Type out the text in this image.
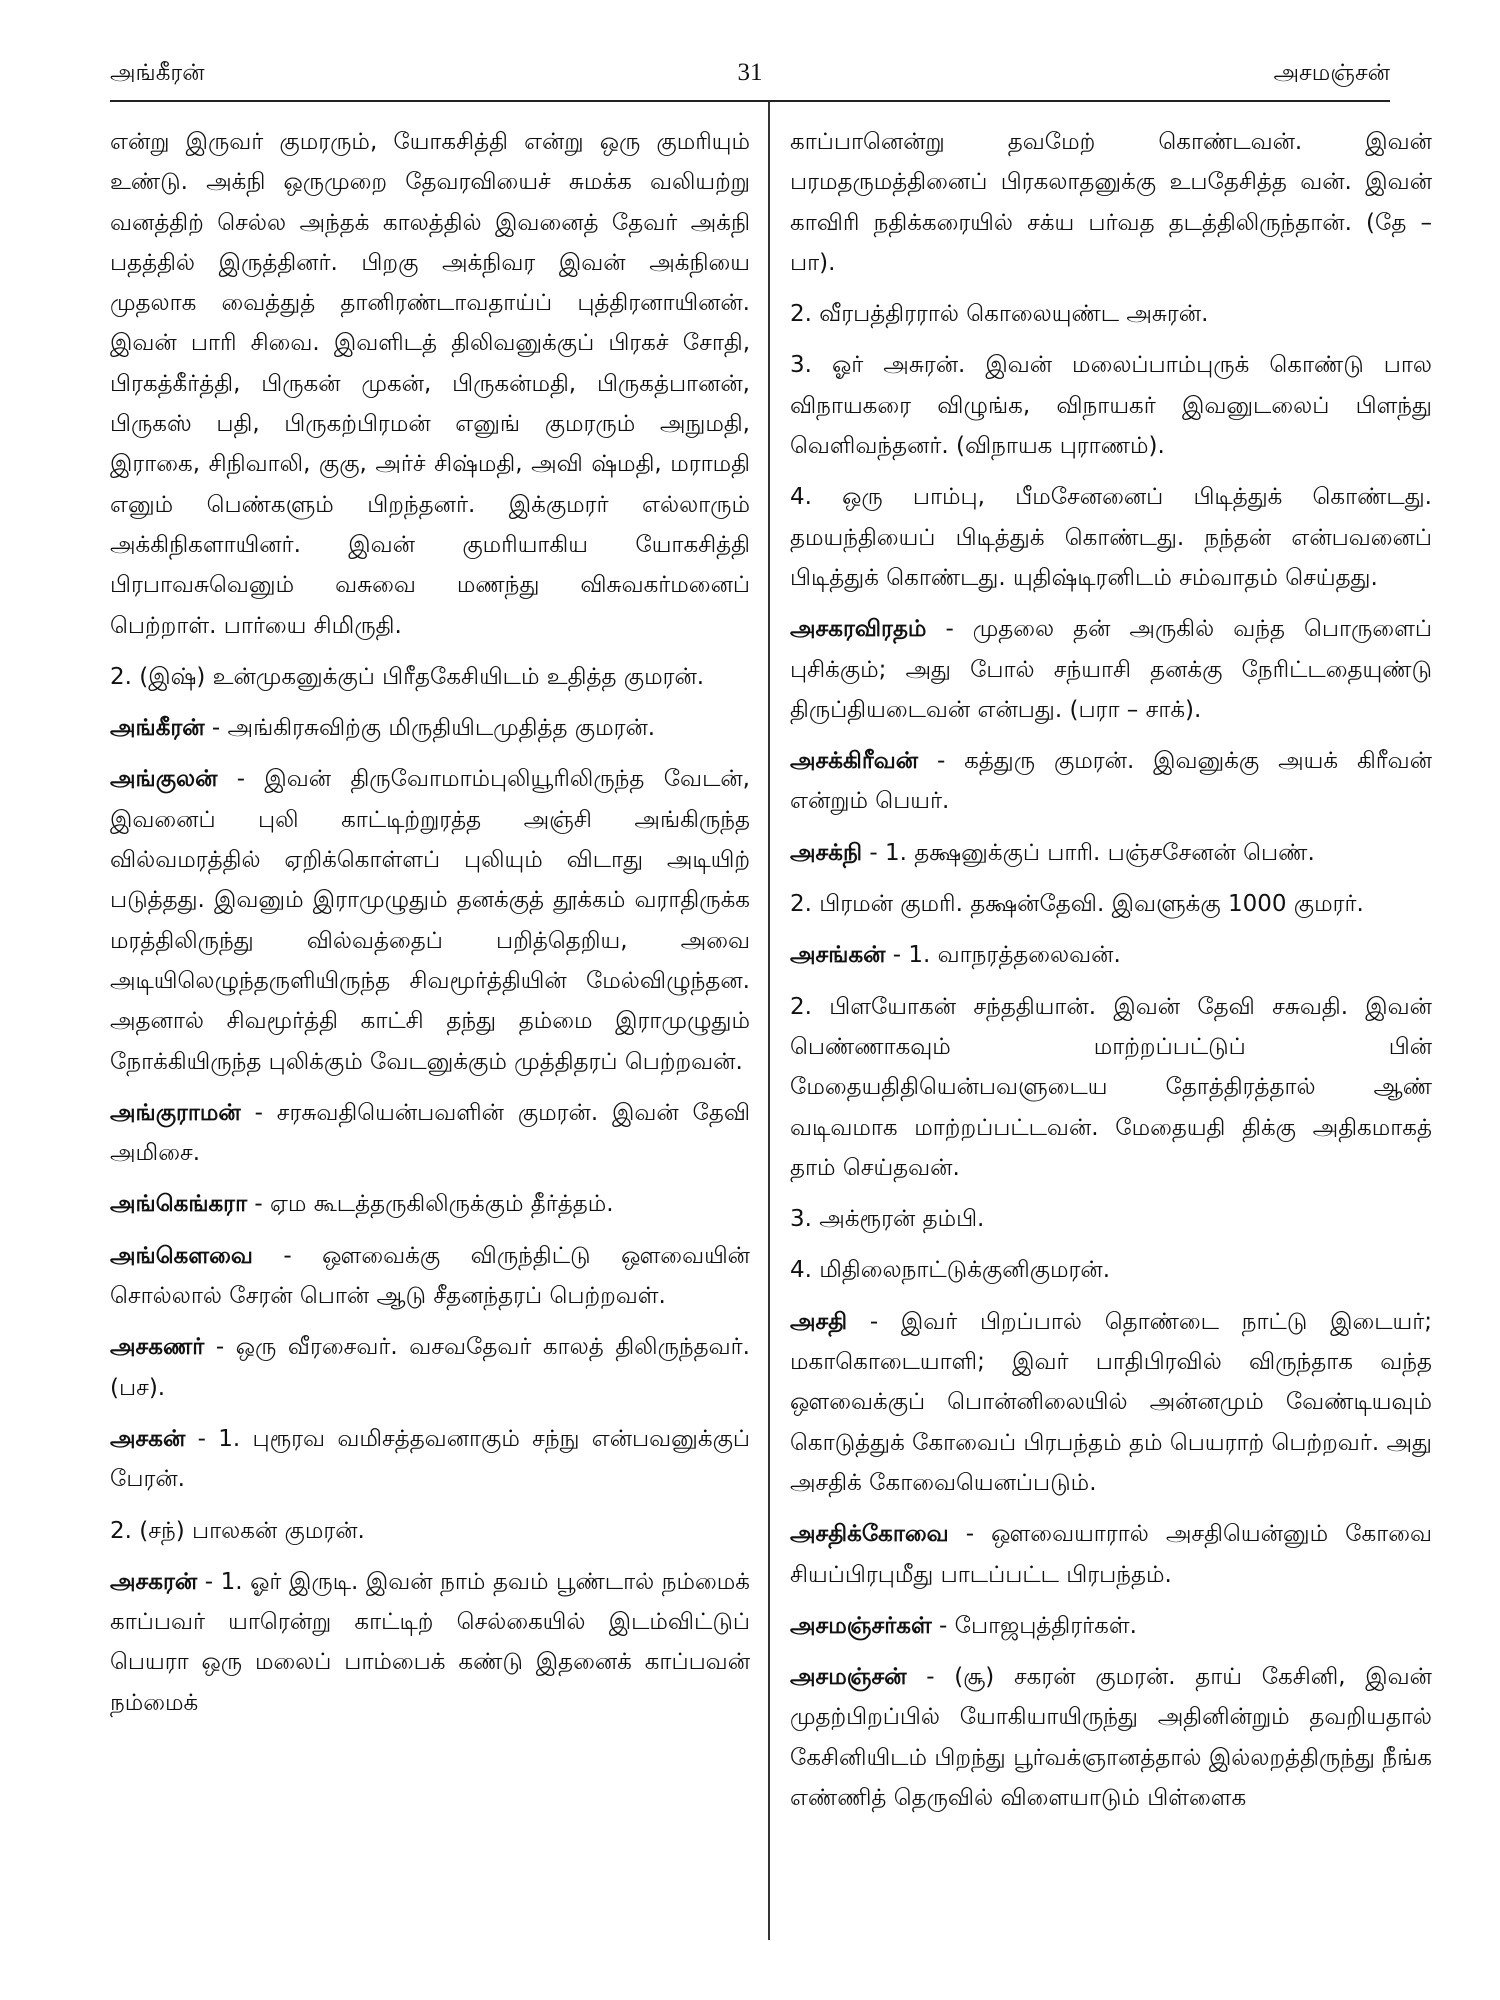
அங்கீரன்	31	அசமஞ்சன்

என்று இருவர் குமரரும், யோகசித்தி என்று ஒரு குமரியும் உண்டு. அக்நி ஒருமுறை தேவரவியைச் சுமக்க வலியற்று வனத்திற் செல்ல அந்தக் காலத்தில் இவனைத் தேவர் அக்நி பதத்தில் இருத்தினர். பிறகு அக்நிவர இவன் அக்நியை முதலாக வைத்துத் தானிரண்டாவதாய்ப் புத்திரனாயினன். இவன் பாரி சிவை. இவளிடத் திலிவனுக்குப் பிரகச் சோதி, பிரகத்கீர்த்தி, பிருகன் முகன், பிருகன்மதி, பிருகத்பானன், பிருகஸ் பதி, பிருகற்பிரமன் எனுங் குமரரும் அநுமதி, இராகை, சிநிவாலி, குகு, அர்ச் சிஷ்மதி, அவி ஷ்மதி, மராமதி எனும் பெண்களும் பிறந்தனர். இக்குமரர் எல்லாரும் அக்கிநிகளாயினர். இவன் குமரியாகிய யோகசித்தி பிரபாவசுவெனும் வசுவை மணந்து விசுவகர்மனைப் பெற்றாள். பார்யை சிமிருதி.

2. (இஷ்) உன்முகனுக்குப் பிரீதகேசியிடம் உதித்த குமரன்.

அங்கீரன் - அங்கிரசுவிற்கு மிருதியிடமுதித்த குமரன்.

அங்குலன் - இவன் திருவோமாம்புலியூரிலிருந்த வேடன், இவனைப் புலி காட்டிற்றுரத்த அஞ்சி அங்கிருந்த வில்வமரத்தில் ஏறிக்கொள்ளப் புலியும் விடாது அடியிற் படுத்தது. இவனும் இராமுழுதும் தனக்குத் தூக்கம் வராதிருக்க மரத்திலிருந்து வில்வத்தைப் பறித்தெறிய, அவை அடியிலெழுந்தருளியிருந்த சிவமூர்த்தியின் மேல்விழுந்தன. அதனால் சிவமூர்த்தி காட்சி தந்து தம்மை இராமுழுதும் நோக்கியிருந்த புலிக்கும் வேடனுக்கும் முத்திதரப் பெற்றவன்.

அங்குராமன் - சரசுவதியென்பவளின் குமரன். இவன் தேவி அமிசை.

அங்கெங்கரா - ஏம கூடத்தருகிலிருக்கும் தீர்த்தம்.

அங்கௌவை - ஔவைக்கு விருந்திட்டு ஔவையின் சொல்லால் சேரன் பொன் ஆடு சீதனந்தரப் பெற்றவள்.

அசகணர் - ஒரு வீரசைவர். வசவதேவர் காலத் திலிருந்தவர். (பச).

அசகன் - 1. புரூரவ வமிசத்தவனாகும் சந்நு என்பவனுக்குப் பேரன்.

2. (சந்) பாலகன் குமரன்.

அசகரன் - 1. ஓர் இருடி. இவன் நாம் தவம் பூண்டால் நம்மைக் காப்பவர் யாரென்று காட்டிற் செல்கையில் இடம்விட்டுப் பெயரா ஒரு மலைப் பாம்பைக் கண்டு இதனைக் காப்பவன் நம்மைக்

காப்பானென்று தவமேற் கொண்டவன். இவன் பரமதருமத்தினைப் பிரகலாதனுக்கு உபதேசித்த வன். இவன் காவிரி நதிக்கரையில் சக்ய பர்வத தடத்திலிருந்தான். (தே – பா).

2. வீரபத்திரரால் கொலையுண்ட அசுரன்.

3. ஓர் அசுரன். இவன் மலைப்பாம்புருக் கொண்டு பால விநாயகரை விழுங்க, விநாயகர் இவனுடலைப் பிளந்து வெளிவந்தனர். (விநாயக புராணம்).

4. ஒரு பாம்பு, பீமசேனனைப் பிடித்துக் கொண்டது. தமயந்தியைப் பிடித்துக் கொண்டது. நந்தன் என்பவனைப் பிடித்துக் கொண்டது. யுதிஷ்டிரனிடம் சம்வாதம் செய்தது.

அசகரவிரதம் - முதலை தன் அருகில் வந்த பொருளைப் புசிக்கும்; அது போல் சந்யாசி தனக்கு நேரிட்டதையுண்டு திருப்தியடைவன் என்பது. (பரா – சாக்).

அசக்கிரீவன் - கத்துரு குமரன். இவனுக்கு அயக் கிரீவன் என்றும் பெயர்.

அசக்நி - 1. தக்ஷனுக்குப் பாரி. பஞ்சசேனன் பெண்.

2. பிரமன் குமரி. தக்ஷன்தேவி. இவளுக்கு 1000 குமரர்.

அசங்கன் - 1. வாநரத்தலைவன்.

2. பிளயோகன் சந்ததியான். இவன் தேவி சசுவதி. இவன் பெண்ணாகவும் மாற்றப்பட்டுப் பின் மேதையதிதியென்பவளுடைய தோத்திரத்தால் ஆண் வடிவமாக மாற்றப்பட்டவன். மேதையதி திக்கு அதிகமாகத் தாம் செய்தவன்.

3. அக்ரூரன் தம்பி.

4. மிதிலைநாட்டுக்குனிகுமரன்.

அசதி - இவர் பிறப்பால் தொண்டை நாட்டு இடையர்; மகாகொடையாளி; இவர் பாதிபிரவில் விருந்தாக வந்த ஔவைக்குப் பொன்னிலையில் அன்னமும் வேண்டியவும் கொடுத்துக் கோவைப் பிரபந்தம் தம் பெயராற் பெற்றவர். அது அசதிக் கோவையெனப்படும்.

அசதிக்கோவை - ஔவையாரால் அசதியென்னும் கோவை சியப்பிரபுமீது பாடப்பட்ட பிரபந்தம்.

அசமஞ்சர்கள் - போஜபுத்திரர்கள்.

அசமஞ்சன் - (சூ) சகரன் குமரன். தாய் கேசினி, இவன் முதற்பிறப்பில் யோகியாயிருந்து அதினின்றும் தவறியதால் கேசினியிடம் பிறந்து பூர்வக்ஞானத்தால் இல்லறத்திருந்து நீங்க எண்ணித் தெருவில் விளையாடும் பிள்ளைக
